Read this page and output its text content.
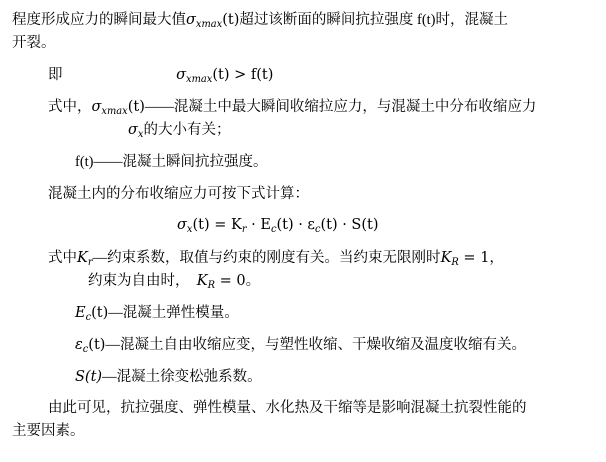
程度形成应力的瞬间最大值$\sigma_{xmax}(t)$超过该断面的瞬间抗拉强度 f(t)时，混凝土
开裂。
即	$\sigma_{xmax}(t) > f(t)$
式中，$\sigma_{xmax}(t)——$混凝土中最大瞬间收缩拉应力，与混凝土中分布收缩应力
$\sigma_x$的大小有关；
f(t)——混凝土瞬间抗拉强度。
混凝土内的分布收缩应力可按下式计算：
$\sigma_x(t) = K_r \cdot E_c(t) \cdot \varepsilon_c(t) \cdot S(t)$
式中$K_r—$约束系数，取值与约束的刚度有关。当约束无限刚时$K_R = 1$，
约束为自由时， $K_R = 0$。
$E_c(t)—$混凝土弹性模量。
$\varepsilon_c(t)—$混凝土自由收缩应变，与塑性收缩、干燥收缩及温度收缩有关。
S(t)—混凝土徐变松弛系数。
由此可见，抗拉强度、弹性模量、水化热及干缩等是影响混凝土抗裂性能的
主要因素。
